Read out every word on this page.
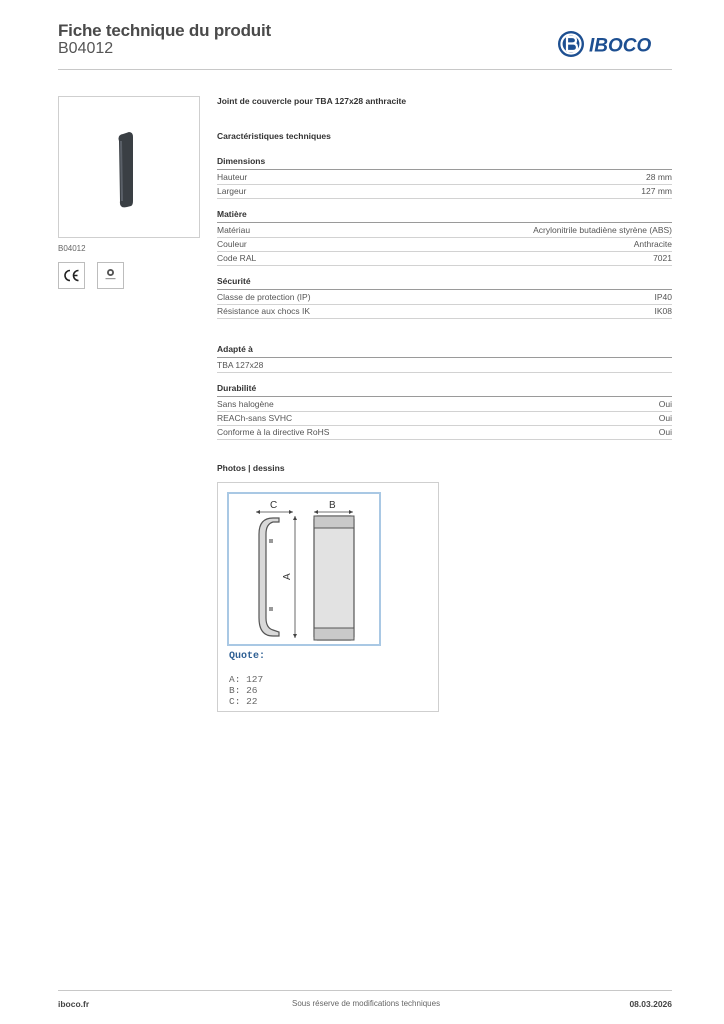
Fiche technique du produit
B04012	IBOCO
B04012
Joint de couvercle pour TBA 127x28 anthracite
Caractéristiques techniques
Dimensions
Hauteur	28 mm
Largeur	127 mm
Matière
Matériau	Acrylonitrile butadiène styrène (ABS)
Couleur	Anthracite
Code RAL	7021
Sécurité
Classe de protection (IP)	IP40
Résistance aux chocs IK	IK08
Adapté à
TBA 127x28
Durabilité
Sans halogène	Oui
REACh-sans SVHC	Oui
Conforme à la directive RoHS	Oui
Photos | dessins
C
A
B
Quote:
A: 127
B: 26
C: 22
iboco.fr	Sous réserve de modifications techniques	08.03.2026
